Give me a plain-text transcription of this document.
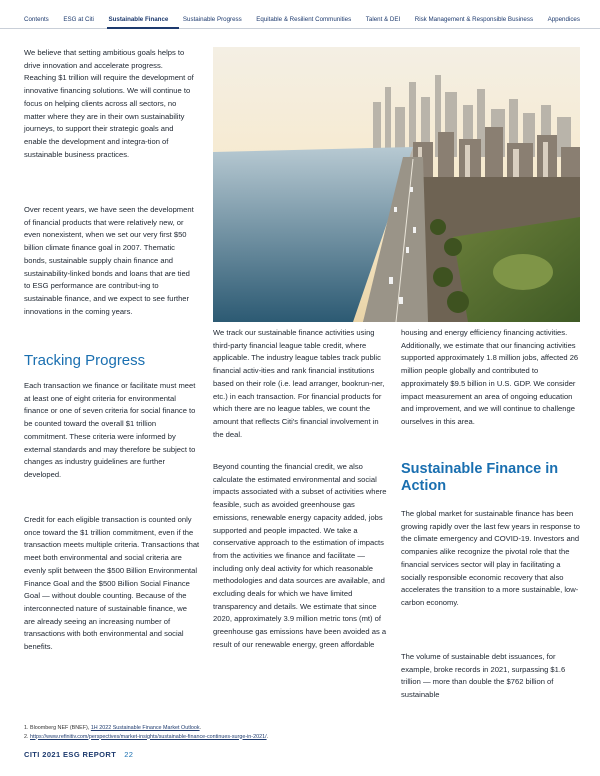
Contents ESG at Citi Sustainable Finance Sustainable Progress Equitable & Resilient Communities Talent & DEI Risk Management & Responsible Business Appendices

We believe that setting ambitious goals helps to drive innovation and accelerate progress. Reaching $1 trillion will require the development of innovative financing solutions. We will continue to focus on helping clients across all sectors, no matter where they are in their own sustainability journeys, to support their strategic goals and enable the development and integra-tion of sustainable business practices.

Over recent years, we have seen the development of financial products that were relatively new, or even nonexistent, when we set our very first $50 billion climate finance goal in 2007. Thematic bonds, sustainable supply chain finance and sustainability-linked bonds and loans that are tied to ESG performance are contribut-ing to sustainable finance, and we expect to see further innovations in the coming years.

Tracking Progress

Each transaction we finance or facilitate must meet at least one of eight criteria for environmental finance or one of seven criteria for social finance to be counted toward the overall $1 trillion commitment. These criteria were informed by external standards and may therefore be subject to changes as industry guidelines are further developed.

Credit for each eligible transaction is counted only once toward the $1 trillion commitment, even if the transaction meets multiple criteria. Transactions that meet both environmental and social criteria are evenly split between the $500 Billion Environmental Finance Goal and the $500 Billion Social Finance Goal — without double counting. Because of the interconnected nature of sustainable finance, we are already seeing an increasing number of transactions with both environmental and social benefits.

We track our sustainable finance activities using third-party financial league table credit, where applicable. The industry league tables track public financial activ-ities and rank financial institutions based on their role (i.e. lead arranger, bookrun-ner, etc.) in each transaction. For financial products for which there are no league tables, we count the amount that reflects Citi's financial involvement in the deal.

Beyond counting the financial credit, we also calculate the estimated environmental and social impacts associated with a subset of activities where feasible, such as avoided greenhouse gas emissions, renewable energy capacity added, jobs supported and people impacted. We take a conservative approach to the estimation of impacts from the activities we finance and facilitate — including only deal activity for which reasonable methodologies and data sources are available, and excluding deals for which we have limited transparency and details. We estimate that since 2020, approximately 3.9 million metric tons (mt) of greenhouse gas emissions have been avoided as a result of our renewable energy, green affordable

housing and energy efficiency financing activities. Additionally, we estimate that our financing activities supported approximately 1.8 million jobs, affected 26 million people globally and contributed to approximately $9.5 billion in U.S. GDP. We consider impact measurement an area of ongoing education and improvement, and we will continue to challenge ourselves in this area.

Sustainable Finance in Action

The global market for sustainable finance has been growing rapidly over the last few years in response to the climate emergency and COVID-19. Investors and companies alike recognize the pivotal role that the financial services sector will play in facilitating a socially responsible economic recovery that also accelerates the transition to a more sustainable, low-carbon economy.

The volume of sustainable debt issuances, for example, broke records in 2021, surpassing $1.6 trillion — more than double the $762 billion of sustainable

1. Bloomberg NEF (BNEF), 1H 2022 Sustainable Finance Market Outlook.
2. https://www.refinitiv.com/perspectives/market-insights/sustainable-finance-continues-surge-in-2021/.
CITI 2021 ESG REPORT 22
